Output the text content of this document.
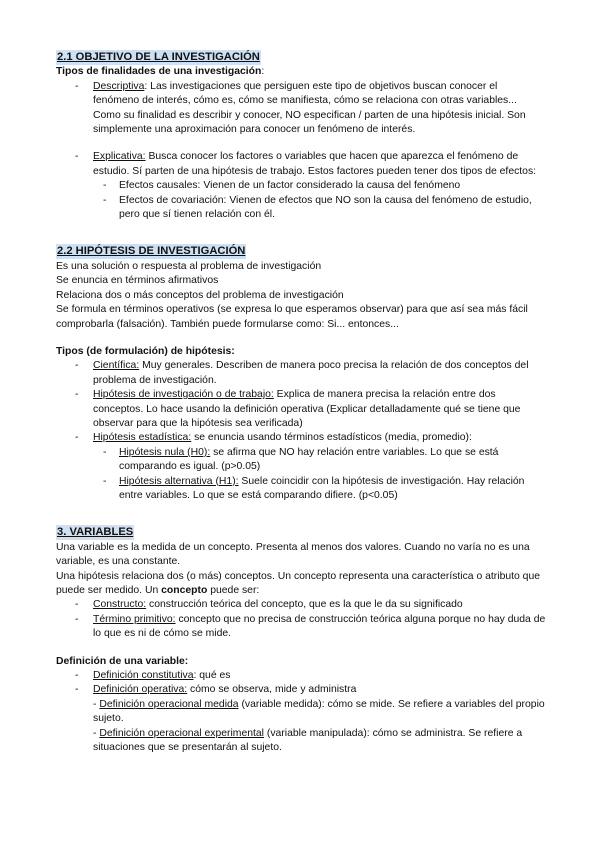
2.1 OBJETIVO DE LA INVESTIGACIÓN

Tipos de finalidades de una investigación:

- Descriptiva: Las investigaciones que persiguen este tipo de objetivos buscan conocer el fenómeno de interés, cómo es, cómo se manifiesta, cómo se relaciona con otras variables... Como su finalidad es describir y conocer, NO especifican / parten de una hipótesis inicial. Son simplemente una aproximación para conocer un fenómeno de interés.
- Explicativa: Busca conocer los factores o variables que hacen que aparezca el fenómeno de estudio. Sí parten de una hipótesis de trabajo. Estos factores pueden tener dos tipos de efectos:
- Efectos causales: Vienen de un factor considerado la causa del fenómeno
- Efectos de covariación: Vienen de efectos que NO son la causa del fenómeno de estudio, pero que sí tienen relación con él.
2.2 HIPÓTESIS DE INVESTIGACIÓN

Es una solución o respuesta al problema de investigación

Se enuncia en términos afirmativos

Relaciona dos o más conceptos del problema de investigación

Se formula en términos operativos (se expresa lo que esperamos observar) para que así sea más fácil comprobarla (falsación). También puede formularse como: Si... entonces...

Tipos (de formulación) de hipótesis:

- Científica: Muy generales. Describen de manera poco precisa la relación de dos conceptos del problema de investigación.
- Hipótesis de investigación o de trabajo: Explica de manera precisa la relación entre dos conceptos. Lo hace usando la definición operativa (Explicar detalladamente qué se tiene que observar para que la hipótesis sea verificada)
- Hipótesis estadística: se enuncia usando términos estadísticos (media, promedio):
- Hipótesis nula (H0): se afirma que NO hay relación entre variables. Lo que se está comparando es igual. (p>0.05)
- Hipótesis alternativa (H1): Suele coincidir con la hipótesis de investigación. Hay relación entre variables. Lo que se está comparando difiere. (p<0.05)
3. VARIABLES

Una variable es la medida de un concepto. Presenta al menos dos valores. Cuando no varía no es una variable, es una constante.

Una hipótesis relaciona dos (o más) conceptos. Un concepto representa una característica o atributo que puede ser medido. Un concepto puede ser:

- Constructo: construcción teórica del concepto, que es la que le da su significado
- Término primitivo: concepto que no precisa de construcción teórica alguna porque no hay duda de lo que es ni de cómo se mide.

Definición de una variable:

- Definición constitutiva: qué es
- Definición operativa: cómo se observa, mide y administra
- Definición operacional medida (variable medida): cómo se mide. Se refiere a variables del propio sujeto.
- Definición operacional experimental (variable manipulada): cómo se administra. Se refiere a situaciones que se presentarán al sujeto.
